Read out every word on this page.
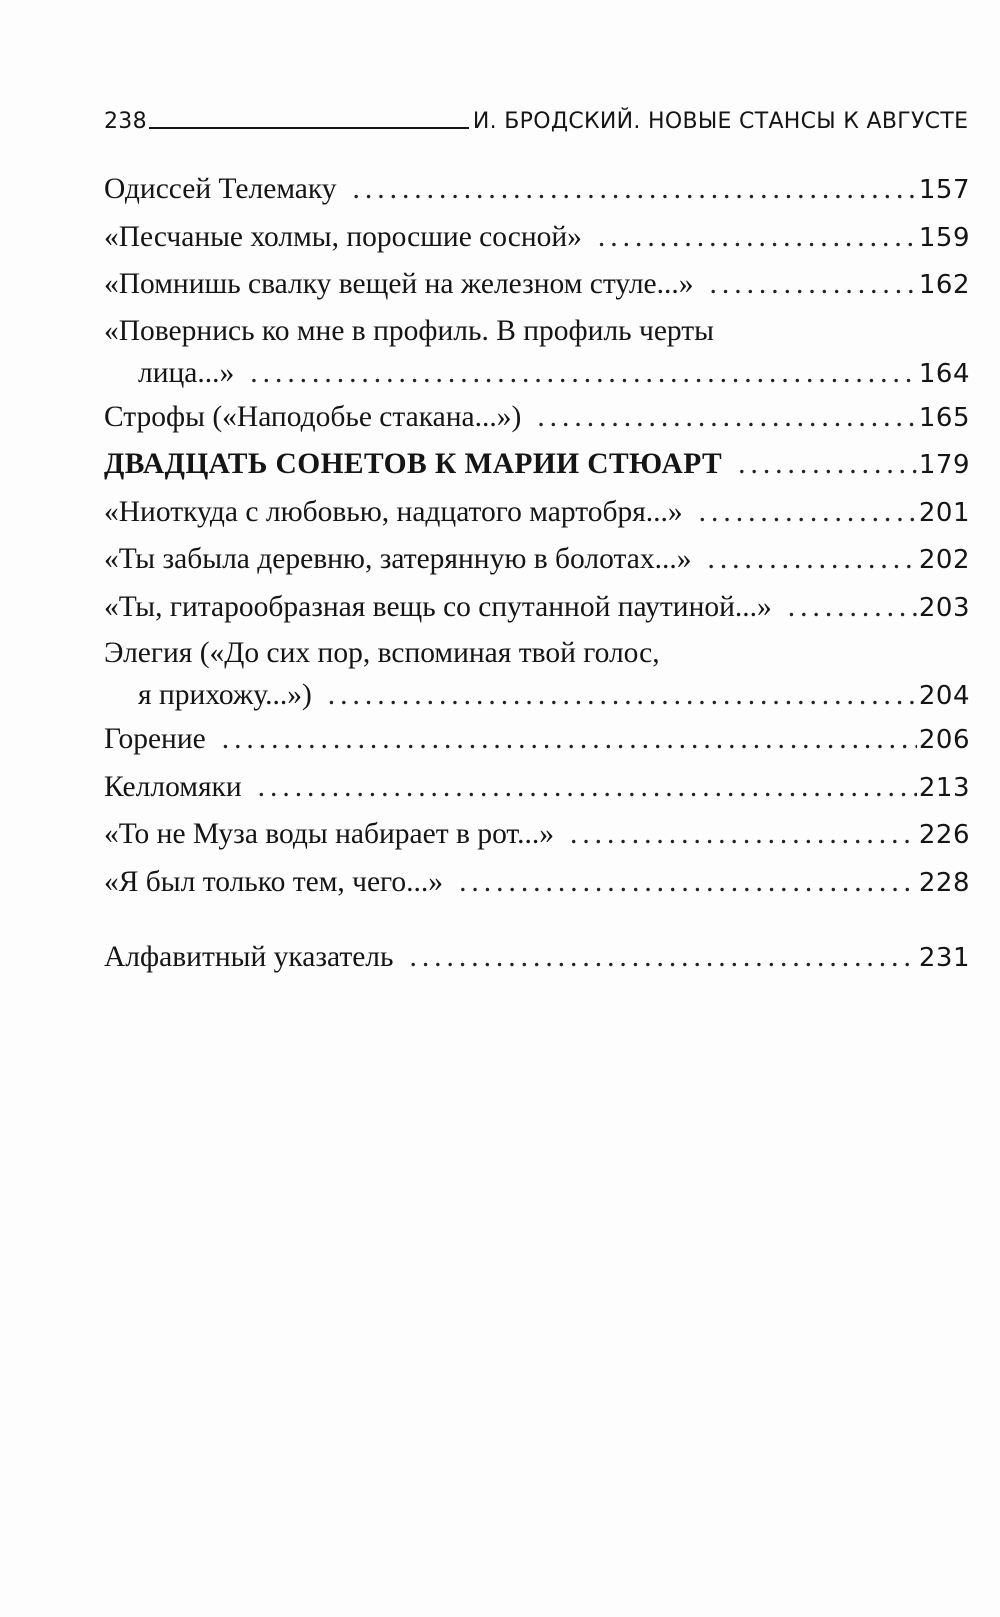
238	И. БРОДСКИЙ. НОВЫЕ СТАНСЫ К АВГУСТЕ
Одиссей Телемаку . . .	157
«Песчаные холмы, поросшие сосной» . . .	159
«Помнишь свалку вещей на железном стуле...» . . .	162
«Повернись ко мне в профиль. В профиль черты
лица...» . . .	164
Строфы («Наподобье стакана...») . . .	165
ДВАДЦАТЬ СОНЕТОВ К МАРИИ СТЮАРТ . . .	179
«Ниоткуда с любовью, надцатого мартобря...» . . .	201
«Ты забыла деревню, затерянную в болотах...» . . .	202
«Ты, гитарообразная вещь со спутанной паутиной...» . . .	203
Элегия («До сих пор, вспоминая твой голос,
я прихожу...») . . .	204
Горение . . .	206
Келломяки . . .	213
«То не Муза воды набирает в рот...» . . .	226
«Я был только тем, чего...» . . .	228
Алфавитный указатель . . .	231
